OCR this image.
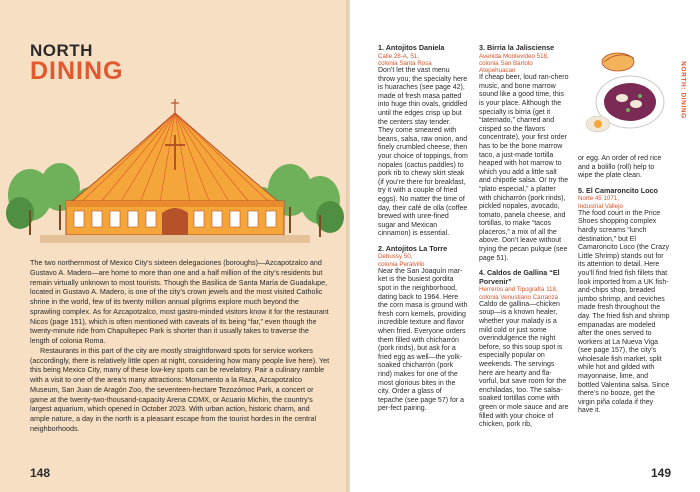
NORTH
DINING

The two northernmost of Mexico City’s sixteen delegaciones (boroughs)—Azcapotzalco and Gustavo A. Madero—are home to more than one and a half million of the city’s residents but remain virtually unknown to most tourists. Though the Basilica de Santa María de Guadalupe, located in Gustavo A. Madero, is one of the city’s crown jewels and the most visited Catholic shrine in the world, few of its twenty million annual pilgrims explore much beyond the sprawling complex. As for Azcapotzalco, most gastro-minded visitors know it for the restaurant Nicos (page 151), which is often mentioned with caveats of its being “far,” even though the twenty-minute ride from Chapultepec Park is shorter than it usually takes to traverse the length of colonia Roma.

Restaurants in this part of the city are mostly straightforward spots for service workers (accordingly, there is relatively little open at night, considering how many people live here). Yet this being Mexico City, many of these low-key spots can be revelatory. Pair a culinary ramble with a visit to one of the area’s many attractions: Monumento a la Raza, Azcapotzalco Museum, San Juan de Aragón Zoo, the seventeen-hectare Tezozómoc Park, a concert or game at the twenty-two-thousand-capacity Arena CDMX, or Acuario Michin, the country’s largest aquarium, which opened in October 2023. With urban action, historic charm, and ample nature, a day in the north is a pleasant escape from the tourist hordes in the central neighborhoods.

148
1. Antojitos Daniela
Calle 28-A, 51,
colonia Santa Rosa

Don’t let the vast menu throw you; the specialty here is huaraches (see page 42), made of fresh masa patted into huge thin ovals, griddled until the edges crisp up but the centers stay tender. They come smeared with beans, salsa, raw onion, and finely crumbled cheese, then your choice of toppings, from nopales (cactus paddles) to pork rib to chewy skirt steak (if you’re there for breakfast, try it with a couple of fried eggs). No matter the time of day, their café de olla (coffee brewed with unre-fined sugar and Mexican cinnamon) is essential.

2. Antojitos La Torre
Debussy 50,
colonia Peralvillo

Near the San Joaquín mar-ket is the busiest gordita spot in the neighborhood, dating back to 1964. Here the corn masa is ground with fresh corn kernels, providing incredible texture and flavor when fried. Everyone orders them filled with chicharrón (pork rinds), but ask for a fried egg as well—the yolk-soaked chicharrón (pork rind) makes for one of the most glorious bites in the city. Order a glass of tepache (see page 57) for a per-fect pairing.

3. Birria la Jalisciense
Avenida Montevideo 518,
colonia San Bartolo
Atepehuacan

If cheap beer, loud ran-chero music, and bone marrow sound like a good time, this is your place. Although the specialty is birria (get it “tatemado,” charred and crisped so the flavors concentrate), your first order has to be the bone marrow taco, a just-made tortilla heaped with hot marrow to which you add a little salt and chipotle salsa. Or try the “plato especial,” a platter with chicharrón (pork rinds), pickled nopales, avocado, tomato, panela cheese, and tortillas, to make “tacos placeros,” a mix of all the above. Don’t leave without trying the pecan pulque (see page 51).

4. Caldos de Gallina “El Porvenir”
Herreros and Tipografía 118,
colonia Venustiano Carranza

Caldo de gallina—chicken soup—is a known healer, whether your malady is a mild cold or just some overindulgence the night before, so this soup spot is especially popular on weekends. The servings here are hearty and fla-vorful, but save room for the enchiladas, too. The salsa-soaked tortillas come with green or mole sauce and are filled with your choice of chicken, pork rib,

or egg. An order of red rice and a bolillo (roll) help to wipe the plate clean.

5. El Camaroncito Loco
Norte 45 1071,
Industrial Vallejo

The food court in the Price Shoes shopping complex hardly screams “lunch destination,” but El Camaroncito Loco (the Crazy Little Shrimp) stands out for its attention to detail. Here you’ll find fried fish fillets that look imported from a UK fish-and-chips shop, breaded jumbo shrimp, and ceviches made fresh throughout the day. The fried fish and shrimp empanadas are modeled after the ones served to workers at La Nueva Viga (see page 157), the city’s wholesale fish market, split while hot and gilded with mayonnaise, lime, and bottled Valentina salsa. Since there’s no booze, get the virgin piña colada if they have it.

NORTH: DINING
149
